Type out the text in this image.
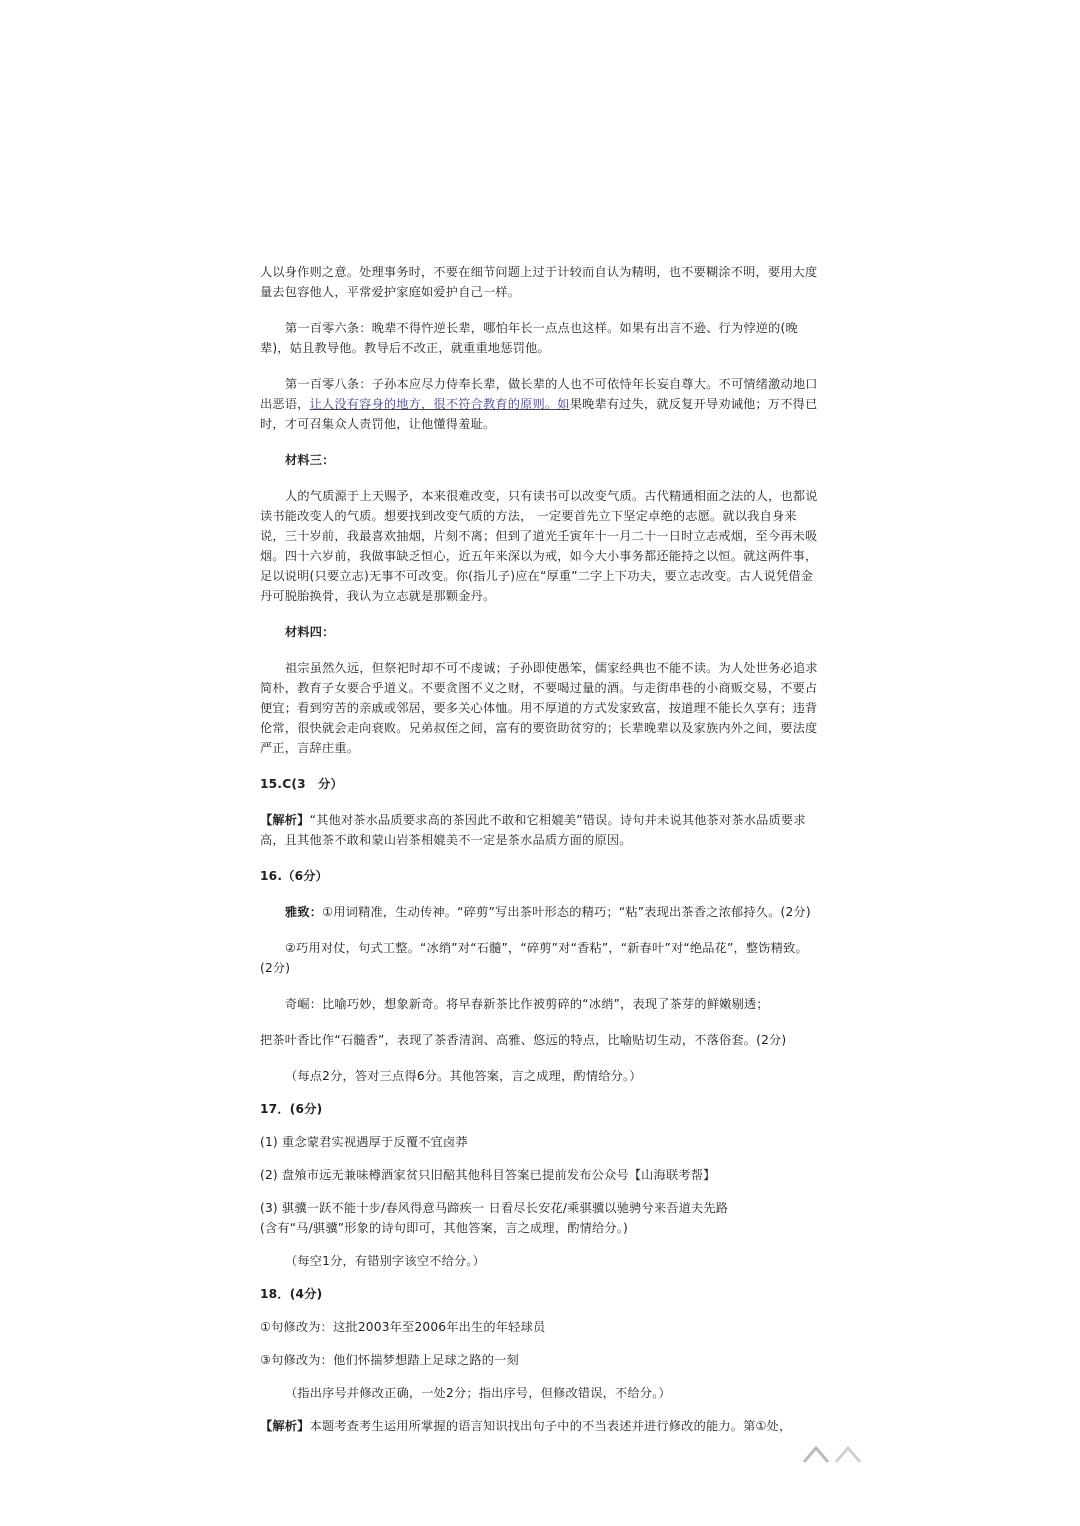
人以身作则之意。处理事务时，不要在细节问题上过于计较而自认为精明，也不要糊涂不明，要用大度量去包容他人，平常爱护家庭如爱护自己一样。

第一百零六条：晚辈不得忤逆长辈，哪怕年长一点点也这样。如果有出言不逊、行为悖逆的(晚辈)，姑且教导他。教导后不改正，就重重地惩罚他。

第一百零八条：子孙本应尽力侍奉长辈，做长辈的人也不可依恃年长妄自尊大。不可情绪激动地口出恶语，让人没有容身的地方，很不符合教育的原则。如果晚辈有过失，就反复开导劝诫他；万不得已时，才可召集众人责罚他，让他懂得羞耻。

材料三：

人的气质源于上天赐予，本来很难改变，只有读书可以改变气质。古代精通相面之法的人，也都说读书能改变人的气质。想要找到改变气质的方法， 一定要首先立下坚定卓绝的志愿。就以我自身来说，三十岁前，我最喜欢抽烟，片刻不离；但到了道光壬寅年十一月二十一日时立志戒烟，至今再未吸烟。四十六岁前，我做事缺乏恒心，近五年来深以为戒，如今大小事务都还能持之以恒。就这两件事，足以说明(只要立志)无事不可改变。你(指儿子)应在“厚重”二字上下功夫，要立志改变。古人说凭借金丹可脱胎换骨，我认为立志就是那颗金丹。

材料四：

祖宗虽然久远，但祭祀时却不可不虔诚；子孙即使愚笨，儒家经典也不能不读。为人处世务必追求简朴，教育子女要合乎道义。不要贪图不义之财，不要喝过量的酒。与走街串巷的小商贩交易，不要占便宜；看到穷苦的亲戚或邻居，要多关心体恤。用不厚道的方式发家致富，按道理不能长久享有；违背伦常，很快就会走向衰败。兄弟叔侄之间，富有的要资助贫穷的；长辈晚辈以及家族内外之间，要法度严正，言辞庄重。

15.C(3　分）

【解析】“其他对茶水品质要求高的茶因此不敢和它相媲美”错误。诗句并未说其他茶对茶水品质要求高，且其他茶不敢和蒙山岩茶相媲美不一定是茶水品质方面的原因。

16.（6分）

雅致：①用词精准，生动传神。“碎剪”写出茶叶形态的精巧；“粘”表现出茶香之浓郁持久。(2分)

②巧用对仗，句式工整。“冰绡”对“石髓”，“碎剪”对“香粘”，“新春叶”对“绝品花”，整饬精致。(2分)

奇崛：比喻巧妙，想象新奇。将早春新茶比作被剪碎的“冰绡”，表现了茶芽的鲜嫩剔透；

把茶叶香比作“石髓香”，表现了茶香清润、高雅、悠远的特点，比喻贴切生动，不落俗套。(2分)

（每点2分，答对三点得6分。其他答案，言之成理，酌情给分。）

17．(6分)

(1) 重念蒙君实视遇厚于反覆不宜卤莽

(2) 盘飧市远无兼味樽酒家贫只旧醅其他科目答案已提前发布公众号【山海联考帮】

(3) 骐骥一跃不能十步/春风得意马蹄疾一 日看尽长安花/乘骐骥以驰骋兮来吾道夫先路

(含有“马/骐骥”形象的诗句即可，其他答案，言之成理，酌情给分。)

（每空1分，有错别字该空不给分。）

18．(4分)

①句修改为：这批2003年至2006年出生的年轻球员

③句修改为：他们怀揣梦想踏上足球之路的一刻

（指出序号并修改正确，一处2分；指出序号，但修改错误，不给分。）

【解析】本题考查考生运用所掌握的语言知识找出句子中的不当表述并进行修改的能力。第①处，
